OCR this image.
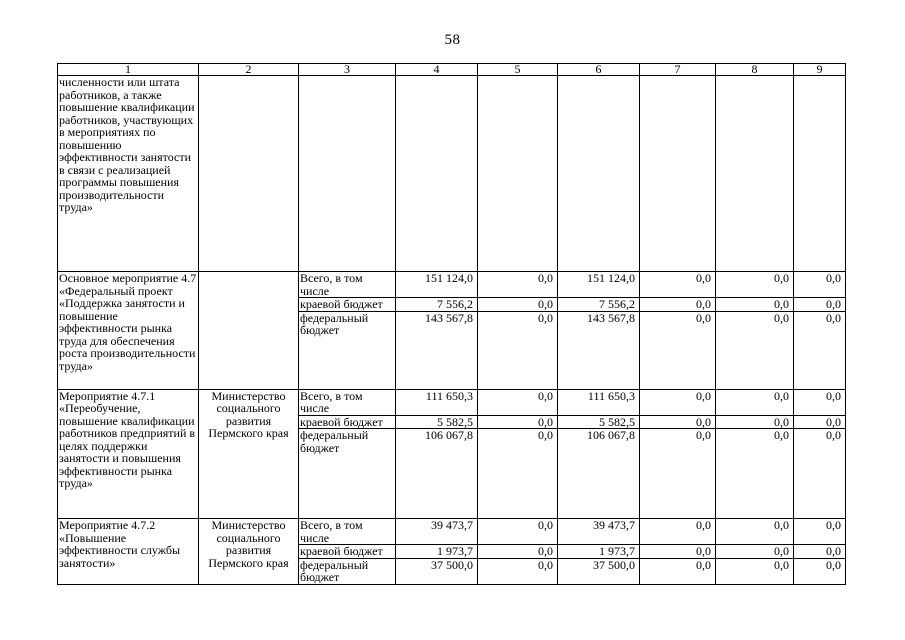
58
1	2	3	4	5	6	7	8	9
численности или штата работников, а также повышение квалификации работников, участвующих в мероприятиях по повышению эффективности занятости в связи с реализацией программы повышения производительности труда»								
Основное мероприятие 4.7 «Федеральный проект «Поддержка занятости и повышение эффективности рынка труда для обеспечения роста производительности труда»		Всего, в том числе	151 124,0	0,0	151 124,0	0,0	0,0	0,0
		краевой бюджет	7 556,2	0,0	7 556,2	0,0	0,0	0,0
		федеральный бюджет	143 567,8	0,0	143 567,8	0,0	0,0	0,0
Мероприятие 4.7.1 «Переобучение, повышение квалификации работников предприятий в целях поддержки занятости и повышения эффективности рынка труда»	Министерство социального развития Пермского края	Всего, в том числе	111 650,3	0,0	111 650,3	0,0	0,0	0,0
		краевой бюджет	5 582,5	0,0	5 582,5	0,0	0,0	0,0
		федеральный бюджет	106 067,8	0,0	106 067,8	0,0	0,0	0,0
Мероприятие 4.7.2 «Повышение эффективности службы занятости»	Министерство социального развития Пермского края	Всего, в том числе	39 473,7	0,0	39 473,7	0,0	0,0	0,0
		краевой бюджет	1 973,7	0,0	1 973,7	0,0	0,0	0,0
		федеральный бюджет	37 500,0	0,0	37 500,0	0,0	0,0	0,0
